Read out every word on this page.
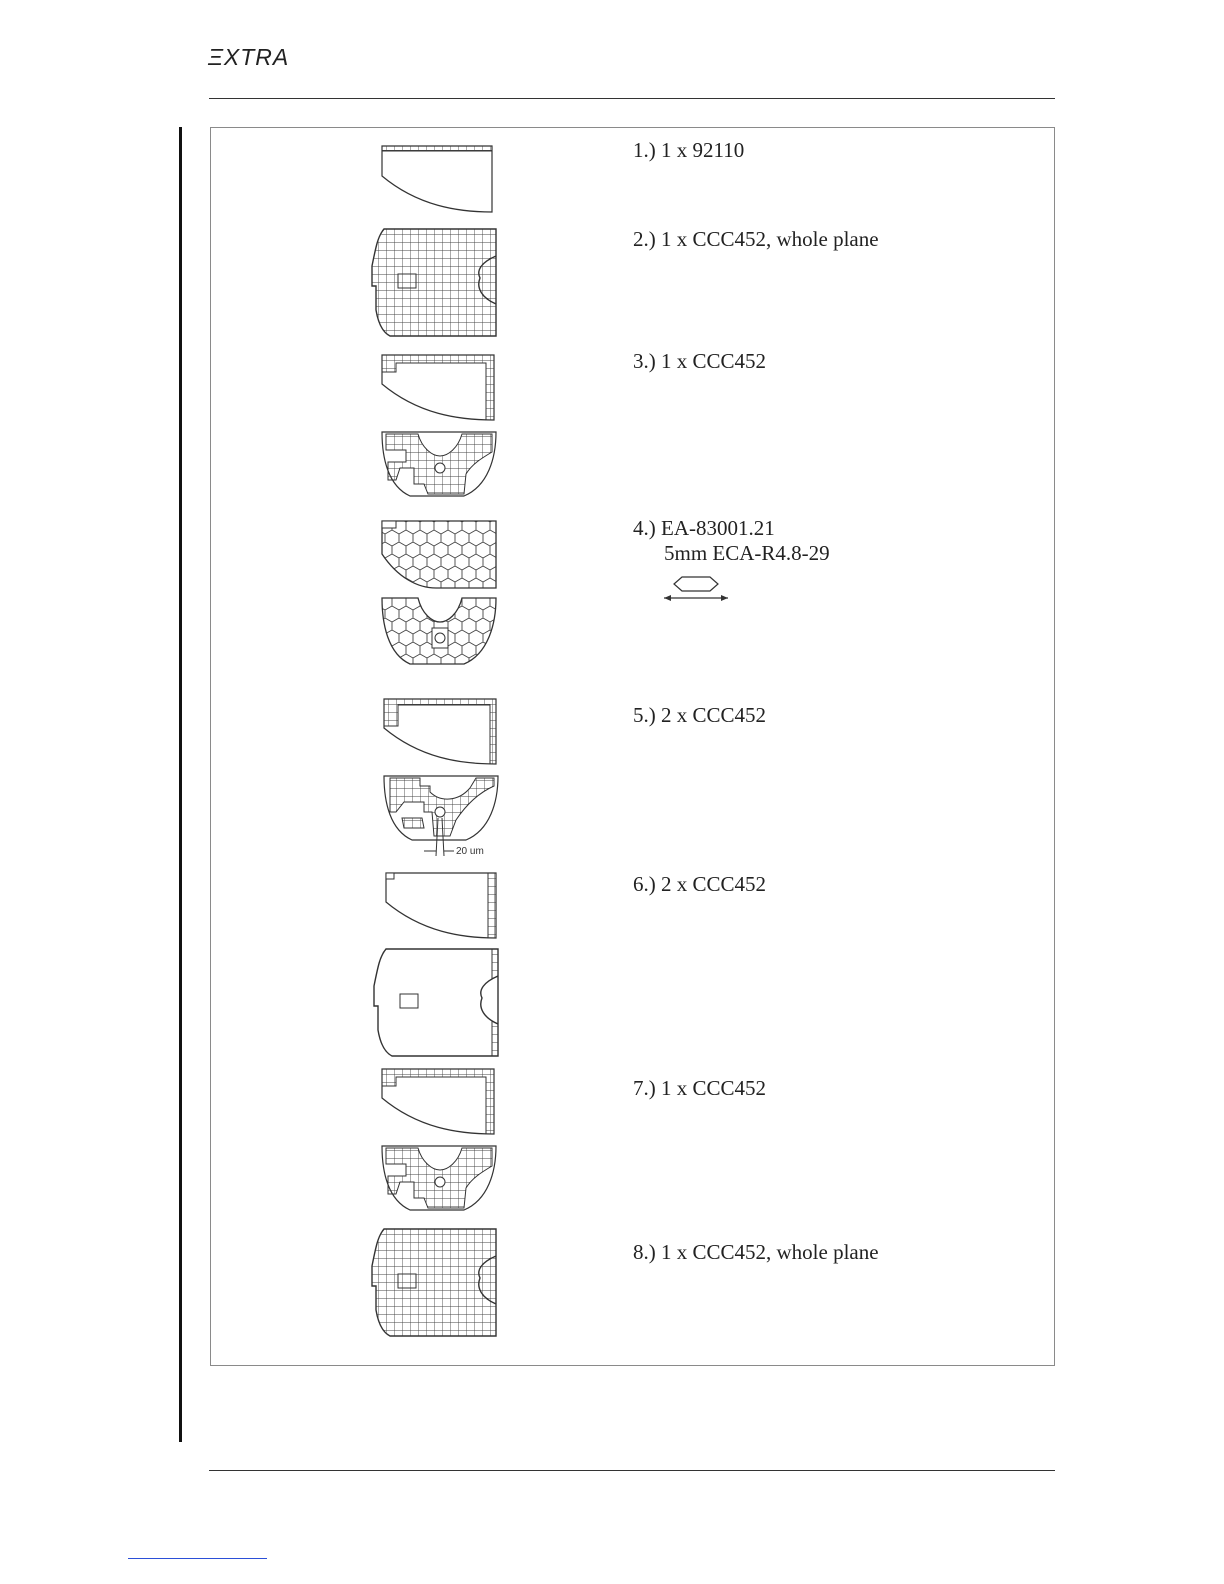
ΞXTRA
1.) 1 x 92110
2.) 1 x CCC452, whole plane
3.) 1 x CCC452
4.) EA-83001.21
5mm ECA-R4.8-29
20 um
5.) 2 x CCC452
6.) 2 x CCC452
7.) 1 x CCC452
8.) 1 x CCC452, whole plane
